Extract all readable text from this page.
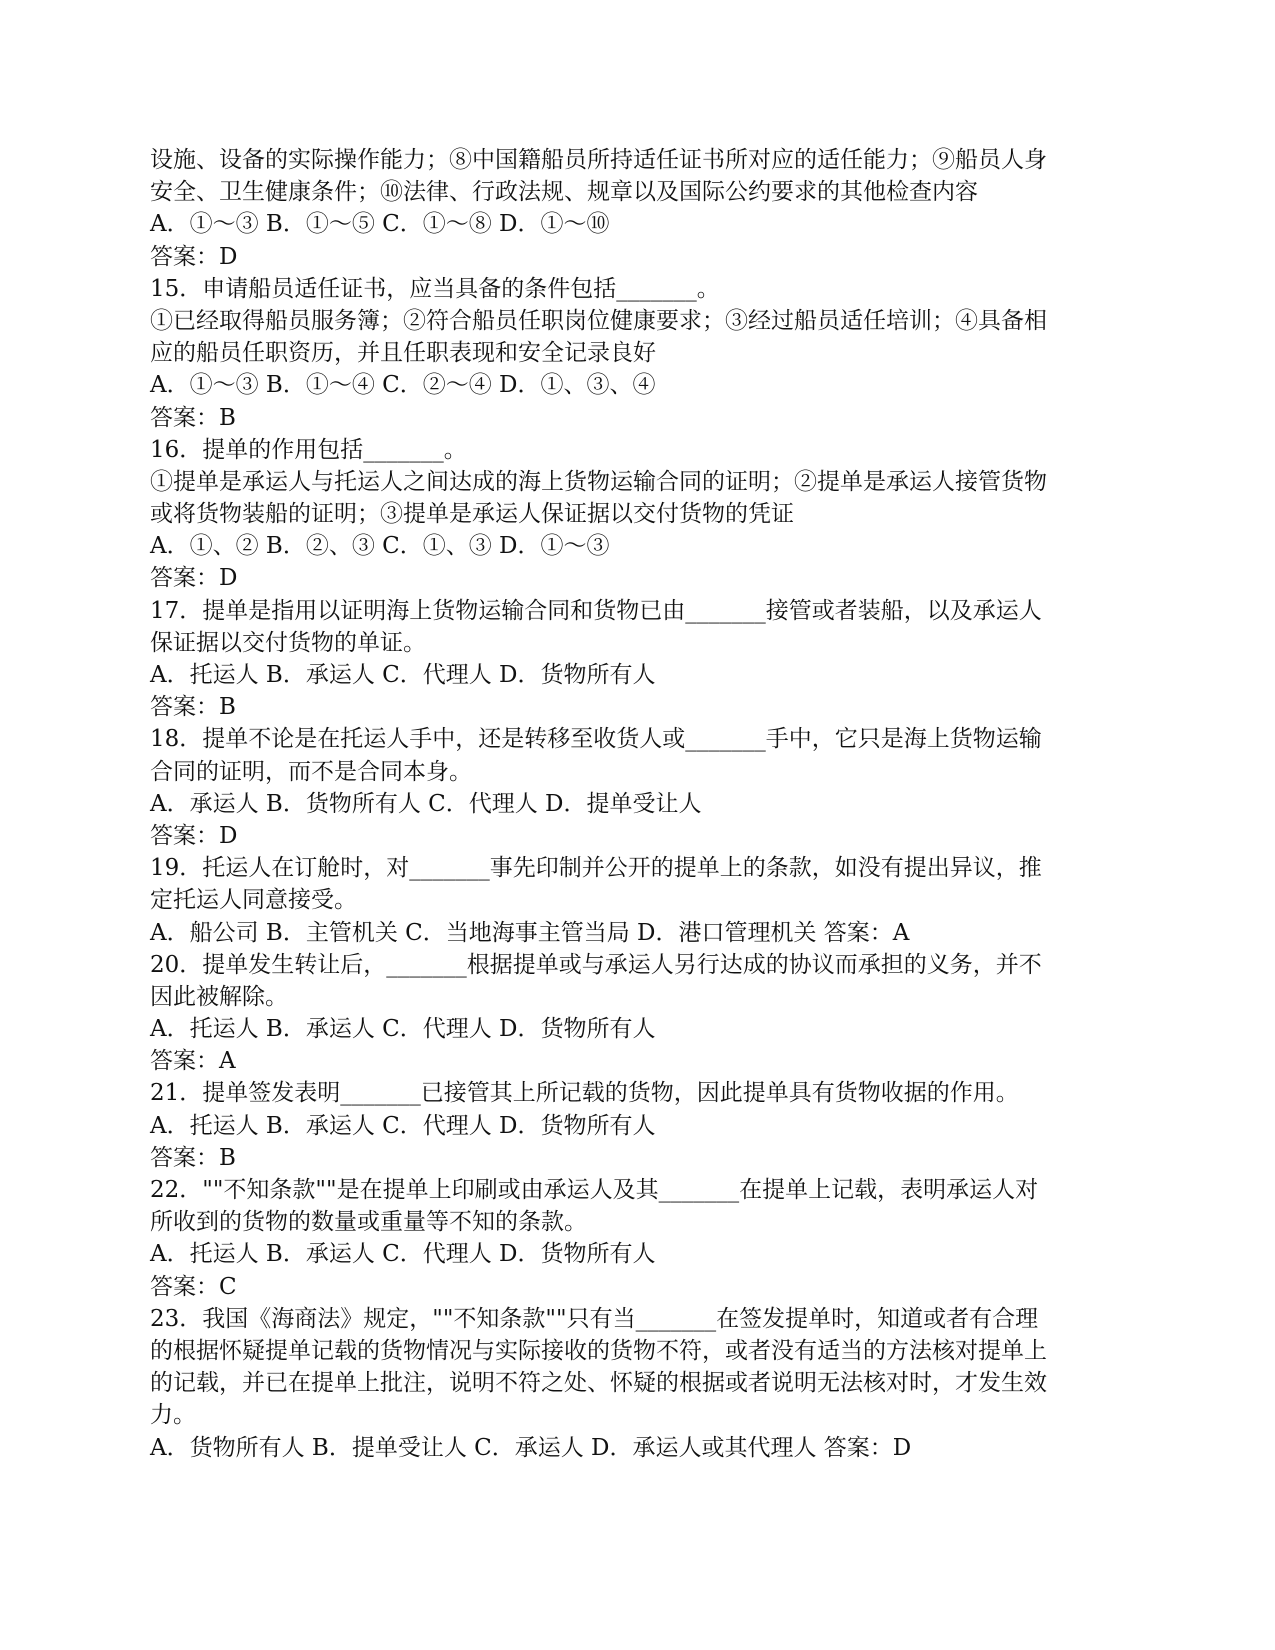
设施、设备的实际操作能力；⑧中国籍船员所持适任证书所对应的适任能力；⑨船员人身
安全、卫生健康条件；⑩法律、行政法规、规章以及国际公约要求的其他检查内容
A．①～③ B．①～⑤ C．①～⑧ D．①～⑩
答案：D
15．申请船员适任证书，应当具备的条件包括_______。
①已经取得船员服务簿；②符合船员任职岗位健康要求；③经过船员适任培训；④具备相
应的船员任职资历，并且任职表现和安全记录良好
A．①～③ B．①～④ C．②～④ D．①、③、④
答案：B
16．提单的作用包括_______。
①提单是承运人与托运人之间达成的海上货物运输合同的证明；②提单是承运人接管货物
或将货物装船的证明；③提单是承运人保证据以交付货物的凭证
A．①、② B．②、③ C．①、③ D．①～③
答案：D
17．提单是指用以证明海上货物运输合同和货物已由_______接管或者装船，以及承运人
保证据以交付货物的单证。
A．托运人 B．承运人 C．代理人 D．货物所有人
答案：B
18．提单不论是在托运人手中，还是转移至收货人或_______手中，它只是海上货物运输
合同的证明，而不是合同本身。
A．承运人 B．货物所有人 C．代理人 D．提单受让人
答案：D
19．托运人在订舱时，对_______事先印制并公开的提单上的条款，如没有提出异议，推
定托运人同意接受。
A．船公司 B．主管机关 C．当地海事主管当局 D．港口管理机关 答案：A
20．提单发生转让后，_______根据提单或与承运人另行达成的协议而承担的义务，并不
因此被解除。
A．托运人 B．承运人 C．代理人 D．货物所有人
答案：A
21．提单签发表明_______已接管其上所记载的货物，因此提单具有货物收据的作用。
A．托运人 B．承运人 C．代理人 D．货物所有人
答案：B
22．""不知条款""是在提单上印刷或由承运人及其_______在提单上记载，表明承运人对
所收到的货物的数量或重量等不知的条款。
A．托运人 B．承运人 C．代理人 D．货物所有人
答案：C
23．我国《海商法》规定，""不知条款""只有当_______在签发提单时，知道或者有合理
的根据怀疑提单记载的货物情况与实际接收的货物不符，或者没有适当的方法核对提单上
的记载，并已在提单上批注，说明不符之处、怀疑的根据或者说明无法核对时，才发生效
力。
A．货物所有人 B．提单受让人 C．承运人 D．承运人或其代理人 答案：D
